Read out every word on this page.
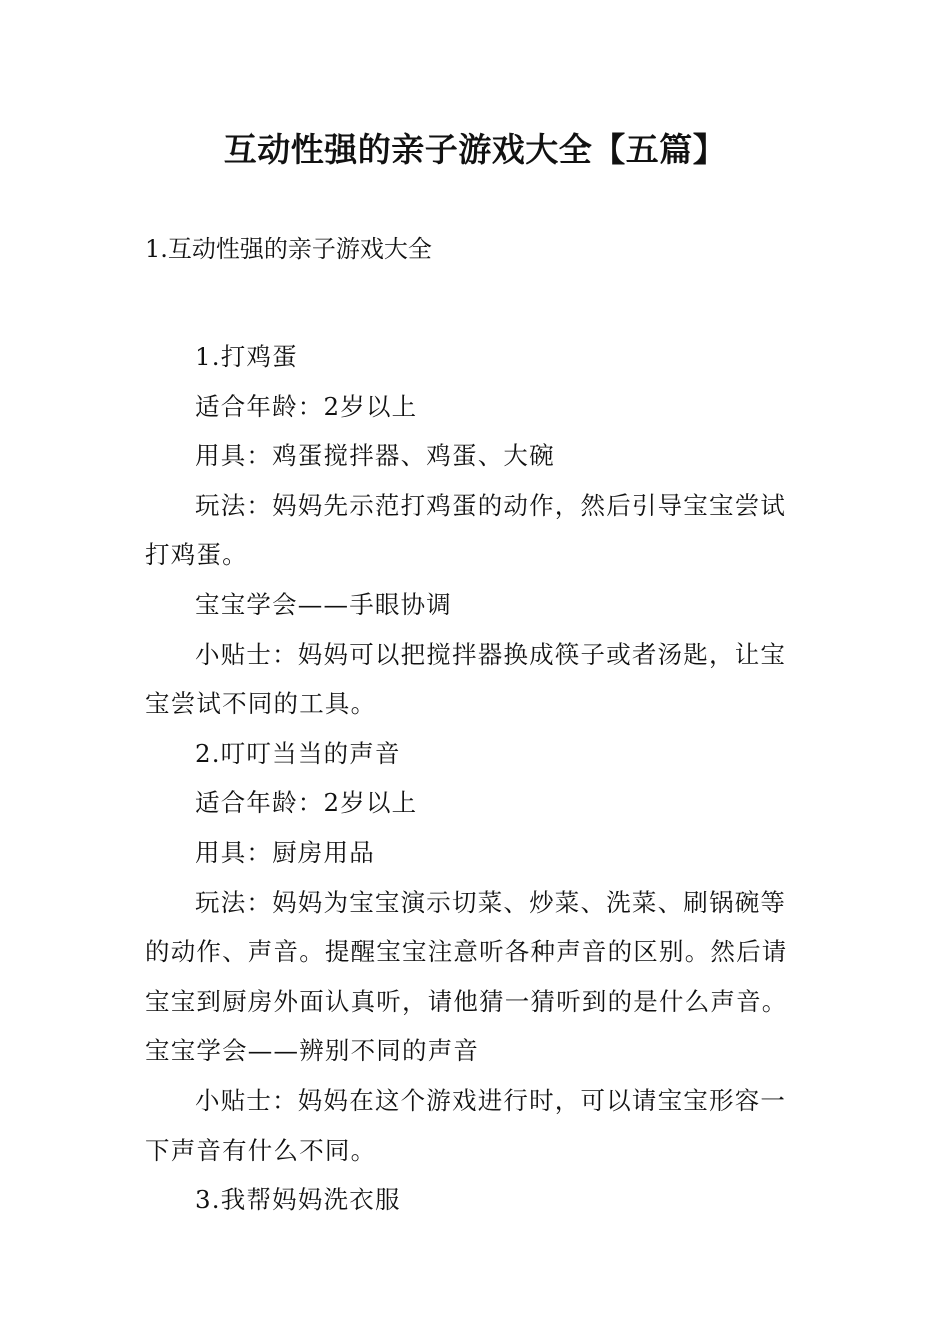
互动性强的亲子游戏大全【五篇】
1.互动性强的亲子游戏大全

1.打鸡蛋

适合年龄：2岁以上

用具：鸡蛋搅拌器、鸡蛋、大碗

玩法：妈妈先示范打鸡蛋的动作，然后引导宝宝尝试打鸡蛋。

宝宝学会——手眼协调

小贴士：妈妈可以把搅拌器换成筷子或者汤匙，让宝宝尝试不同的工具。

2.叮叮当当的声音

适合年龄：2岁以上

用具：厨房用品

玩法：妈妈为宝宝演示切菜、炒菜、洗菜、刷锅碗等的动作、声音。提醒宝宝注意听各种声音的区别。然后请宝宝到厨房外面认真听，请他猜一猜听到的是什么声音。

宝宝学会——辨别不同的声音

小贴士：妈妈在这个游戏进行时，可以请宝宝形容一下声音有什么不同。

3.我帮妈妈洗衣服
